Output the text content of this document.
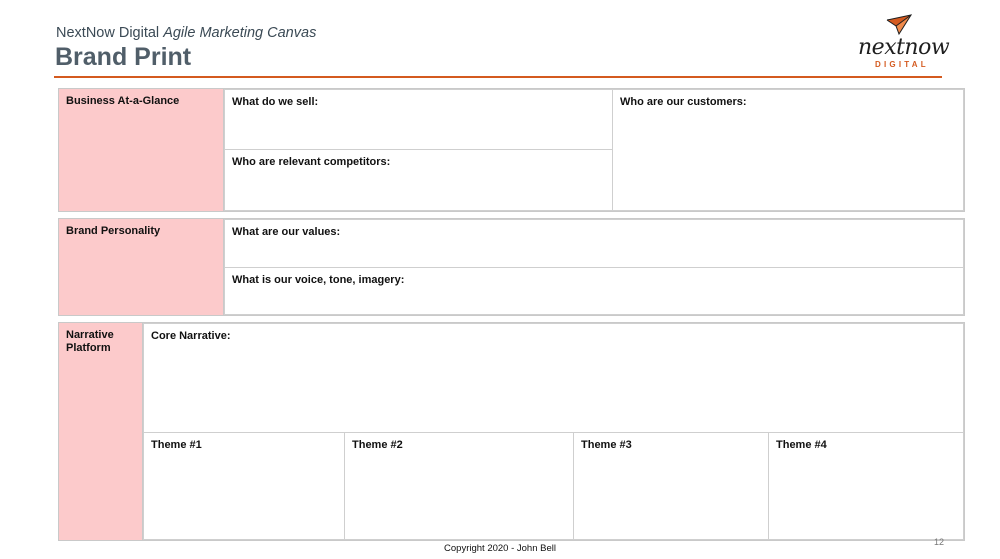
NextNow Digital Agile Marketing Canvas
Brand Print	nextnow
DIGITAL
Business At-a-Glance	What do we sell:
Who are relevant competitors:
Who are our customers:
Brand Personality	What are our values:
What is our voice, tone, imagery:
Narrative
Platform
Core Narrative:
Theme #1	Theme #2	Theme #3	Theme #4
Copyright 2020 - John Bell
12
